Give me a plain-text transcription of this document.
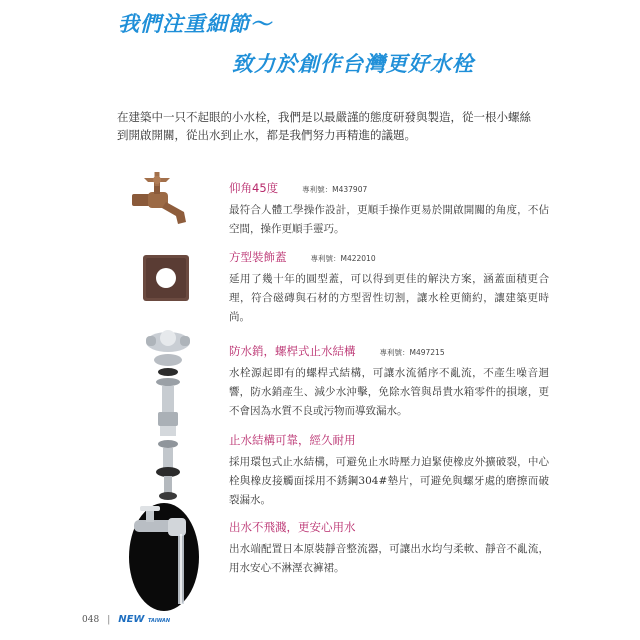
我們注重細節～
致力於創作台灣更好水栓

在建築中一只不起眼的小水栓，我們是以最嚴謹的態度研發與製造，從一根小螺絲到開啟開關，從出水到止水，都是我們努力再精進的議題。

仰角45度	專利號：M437907

最符合人體工學操作設計，更順手操作更易於開啟開關的角度，不佔空間，操作更順手靈巧。

方型裝飾蓋	專利號：M422010

延用了幾十年的圓型蓋，可以得到更佳的解決方案，涵蓋面積更合理，符合磁磚與石材的方型習性切割，讓水栓更簡約，讓建築更時尚。

防水銷，螺桿式止水結構	專利號：M497215

水栓源起即有的螺桿式結構，可讓水流循序不亂流，不產生噪音迴響，防水銷產生、減少水沖擊，免除水管與昂貴水箱零件的損壞，更不會因為水質不良或污物而導致漏水。

止水結構可靠，經久耐用

採用環包式止水結構，可避免止水時壓力迫緊使橡皮外擴破裂，中心栓與橡皮接觸面採用不銹鋼304#墊片，可避免與螺牙處的磨擦而破裂漏水。

出水不飛濺，更安心用水

出水端配置日本原裝靜音整流器，可讓出水均勻柔軟、靜音不亂流，用水安心不淋溼衣褲裙。

048 | NEW TAIWAN
